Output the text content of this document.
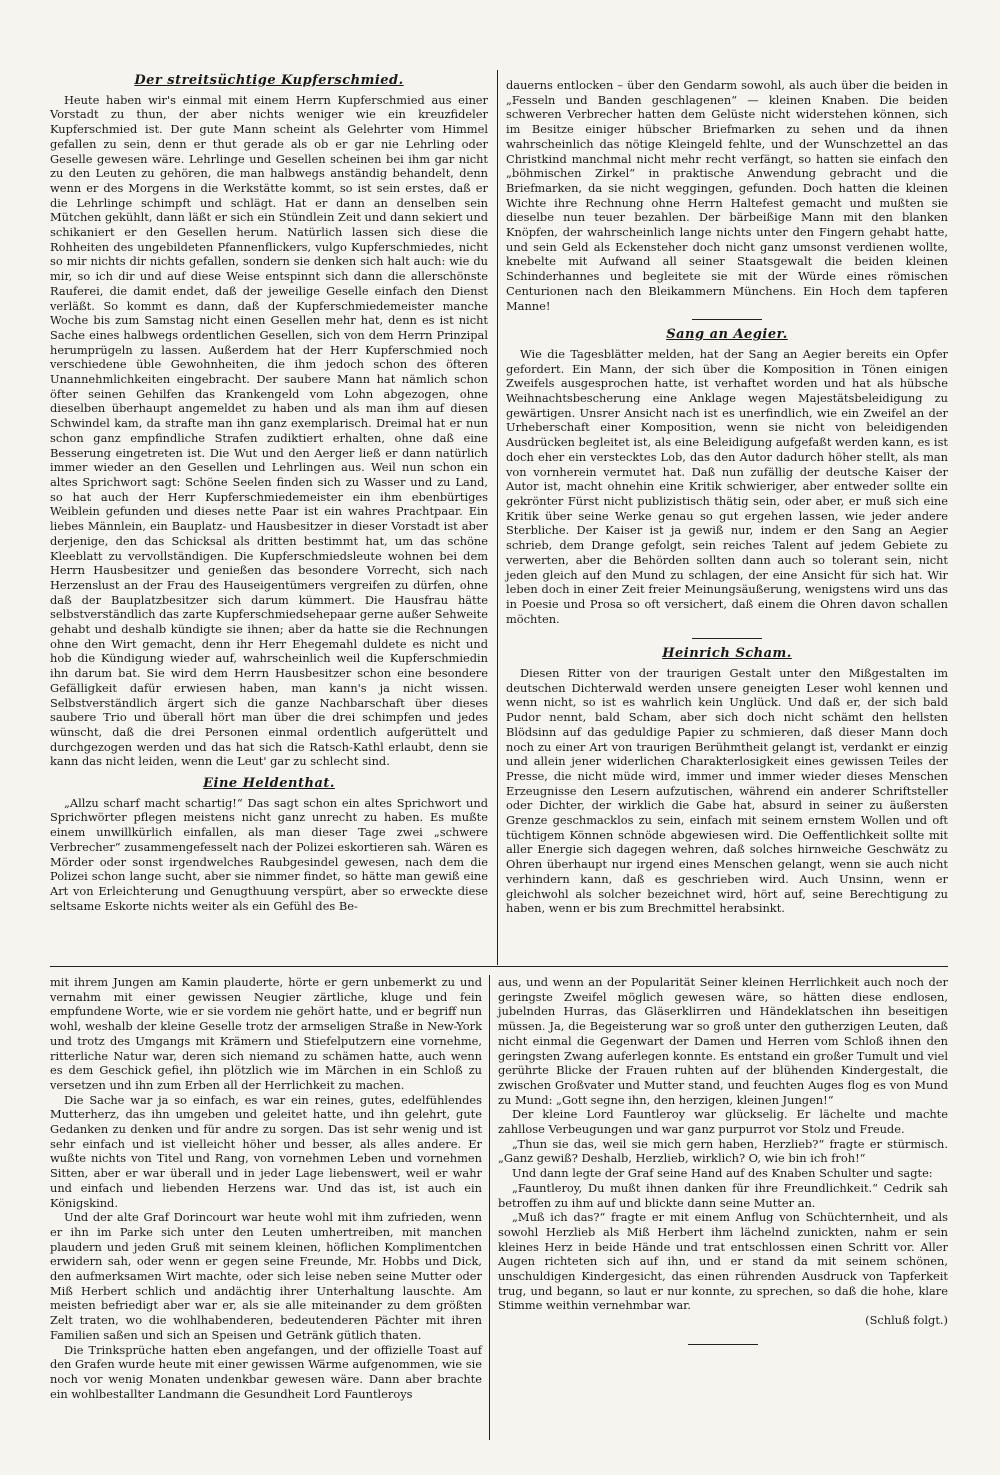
Der streitsüchtige Kupferschmied.

Heute haben wir's einmal mit einem Herrn Kupferschmied aus einer Vorstadt zu thun, der aber nichts weniger wie ein kreuzfideler Kupferschmied ist. Der gute Mann scheint als Gelehrter vom Himmel gefallen zu sein, denn er thut gerade als ob er gar nie Lehrling oder Geselle gewesen wäre. Lehrlinge und Gesellen scheinen bei ihm gar nicht zu den Leuten zu gehören, die man halbwegs anständig behandelt, denn wenn er des Morgens in die Werkstätte kommt, so ist sein erstes, daß er die Lehrlinge schimpft und schlägt. Hat er dann an denselben sein Mütchen gekühlt, dann läßt er sich ein Stündlein Zeit und dann sekiert und schikaniert er den Gesellen herum. Natürlich lassen sich diese die Rohheiten des ungebildeten Pfannenflickers, vulgo Kupferschmiedes, nicht so mir nichts dir nichts gefallen, sondern sie denken sich halt auch: wie du mir, so ich dir und auf diese Weise entspinnt sich dann die allerschönste Rauferei, die damit endet, daß der jeweilige Geselle einfach den Dienst verläßt. So kommt es dann, daß der Kupferschmiedemeister manche Woche bis zum Samstag nicht einen Gesellen mehr hat, denn es ist nicht Sache eines halbwegs ordentlichen Gesellen, sich von dem Herrn Prinzipal herumprügeln zu lassen. Außerdem hat der Herr Kupferschmied noch verschiedene üble Gewohnheiten, die ihm jedoch schon des öfteren Unannehmlichkeiten eingebracht. Der saubere Mann hat nämlich schon öfter seinen Gehilfen das Krankengeld vom Lohn abgezogen, ohne dieselben überhaupt angemeldet zu haben und als man ihm auf diesen Schwindel kam, da strafte man ihn ganz exemplarisch. Dreimal hat er nun schon ganz empfindliche Strafen zudiktiert erhalten, ohne daß eine Besserung eingetreten ist. Die Wut und den Aerger ließ er dann natürlich immer wieder an den Gesellen und Lehrlingen aus. Weil nun schon ein altes Sprichwort sagt: Schöne Seelen finden sich zu Wasser und zu Land, so hat auch der Herr Kupferschmiedemeister ein ihm ebenbürtiges Weiblein gefunden und dieses nette Paar ist ein wahres Prachtpaar. Ein liebes Männlein, ein Bauplatz- und Hausbesitzer in dieser Vorstadt ist aber derjenige, den das Schicksal als dritten bestimmt hat, um das schöne Kleeblatt zu vervollständigen. Die Kupferschmiedsleute wohnen bei dem Herrn Hausbesitzer und genießen das besondere Vorrecht, sich nach Herzenslust an der Frau des Hauseigentümers vergreifen zu dürfen, ohne daß der Bauplatzbesitzer sich darum kümmert. Die Hausfrau hätte selbstverständlich das zarte Kupferschmiedsehepaar gerne außer Sehweite gehabt und deshalb kündigte sie ihnen; aber da hatte sie die Rechnungen ohne den Wirt gemacht, denn ihr Herr Ehegemahl duldete es nicht und hob die Kündigung wieder auf, wahrscheinlich weil die Kupferschmiedin ihn darum bat. Sie wird dem Herrn Hausbesitzer schon eine besondere Gefälligkeit dafür erwiesen haben, man kann's ja nicht wissen. Selbstverständlich ärgert sich die ganze Nachbarschaft über dieses saubere Trio und überall hört man über die drei schimpfen und jedes wünscht, daß die drei Personen einmal ordentlich aufgerüttelt und durchgezogen werden und das hat sich die Ratsch-Kathl erlaubt, denn sie kann das nicht leiden, wenn die Leut' gar zu schlecht sind.

Eine Heldenthat.

„Allzu scharf macht schartig!“ Das sagt schon ein altes Sprichwort und Sprichwörter pflegen meistens nicht ganz unrecht zu haben. Es mußte einem unwillkürlich einfallen, als man dieser Tage zwei „schwere Verbrecher“ zusammengefesselt nach der Polizei eskortieren sah. Wären es Mörder oder sonst irgendwelches Raubgesindel gewesen, nach dem die Polizei schon lange sucht, aber sie nimmer findet, so hätte man gewiß eine Art von Erleichterung und Genugthuung verspürt, aber so erweckte diese seltsame Eskorte nichts weiter als ein Gefühl des Be-

dauerns entlocken – über den Gendarm sowohl, als auch über die beiden in „Fesseln und Banden geschlagenen“ — kleinen Knaben. Die beiden schweren Verbrecher hatten dem Gelüste nicht widerstehen können, sich im Besitze einiger hübscher Briefmarken zu sehen und da ihnen wahrscheinlich das nötige Kleingeld fehlte, und der Wunschzettel an das Christkind manchmal nicht mehr recht verfängt, so hatten sie einfach den „böhmischen Zirkel“ in praktische Anwendung gebracht und die Briefmarken, da sie nicht weggingen, gefunden. Doch hatten die kleinen Wichte ihre Rechnung ohne Herrn Haltefest gemacht und mußten sie dieselbe nun teuer bezahlen. Der bärbeißige Mann mit den blanken Knöpfen, der wahrscheinlich lange nichts unter den Fingern gehabt hatte, und sein Geld als Eckensteher doch nicht ganz umsonst verdienen wollte, knebelte mit Aufwand all seiner Staatsgewalt die beiden kleinen Schinderhannes und begleitete sie mit der Würde eines römischen Centurionen nach den Bleikammern Münchens. Ein Hoch dem tapferen Manne!

Sang an Aegier.

Wie die Tagesblätter melden, hat der Sang an Aegier bereits ein Opfer gefordert. Ein Mann, der sich über die Komposition in Tönen einigen Zweifels ausgesprochen hatte, ist verhaftet worden und hat als hübsche Weihnachtsbescherung eine Anklage wegen Majestätsbeleidigung zu gewärtigen. Unsrer Ansicht nach ist es unerfindlich, wie ein Zweifel an der Urheberschaft einer Komposition, wenn sie nicht von beleidigenden Ausdrücken begleitet ist, als eine Beleidigung aufgefaßt werden kann, es ist doch eher ein verstecktes Lob, das den Autor dadurch höher stellt, als man von vornherein vermutet hat. Daß nun zufällig der deutsche Kaiser der Autor ist, macht ohnehin eine Kritik schwieriger, aber entweder sollte ein gekrönter Fürst nicht publizistisch thätig sein, oder aber, er muß sich eine Kritik über seine Werke genau so gut ergehen lassen, wie jeder andere Sterbliche. Der Kaiser ist ja gewiß nur, indem er den Sang an Aegier schrieb, dem Drange gefolgt, sein reiches Talent auf jedem Gebiete zu verwerten, aber die Behörden sollten dann auch so tolerant sein, nicht jeden gleich auf den Mund zu schlagen, der eine Ansicht für sich hat. Wir leben doch in einer Zeit freier Meinungsäußerung, wenigstens wird uns das in Poesie und Prosa so oft versichert, daß einem die Ohren davon schallen möchten.

Heinrich Scham.

Diesen Ritter von der traurigen Gestalt unter den Mißgestalten im deutschen Dichterwald werden unsere geneigten Leser wohl kennen und wenn nicht, so ist es wahrlich kein Unglück. Und daß er, der sich bald Pudor nennt, bald Scham, aber sich doch nicht schämt den hellsten Blödsinn auf das geduldige Papier zu schmieren, daß dieser Mann doch noch zu einer Art von traurigen Berühmtheit gelangt ist, verdankt er einzig und allein jener widerlichen Charakterlosigkeit eines gewissen Teiles der Presse, die nicht müde wird, immer und immer wieder dieses Menschen Erzeugnisse den Lesern aufzutischen, während ein anderer Schriftsteller oder Dichter, der wirklich die Gabe hat, absurd in seiner zu äußersten Grenze geschmacklos zu sein, einfach mit seinem ernstem Wollen und oft tüchtigem Können schnöde abgewiesen wird. Die Oeffentlichkeit sollte mit aller Energie sich dagegen wehren, daß solches hirnweiche Geschwätz zu Ohren überhaupt nur irgend eines Menschen gelangt, wenn sie auch nicht verhindern kann, daß es geschrieben wird. Auch Unsinn, wenn er gleichwohl als solcher bezeichnet wird, hört auf, seine Berechtigung zu haben, wenn er bis zum Brechmittel herabsinkt.

mit ihrem Jungen am Kamin plauderte, hörte er gern unbemerkt zu und vernahm mit einer gewissen Neugier zärtliche, kluge und fein empfundene Worte, wie er sie vordem nie gehört hatte, und er begriff nun wohl, weshalb der kleine Geselle trotz der armseligen Straße in New-York und trotz des Umgangs mit Krämern und Stiefelputzern eine vornehme, ritterliche Natur war, deren sich niemand zu schämen hatte, auch wenn es dem Geschick gefiel, ihn plötzlich wie im Märchen in ein Schloß zu versetzen und ihn zum Erben all der Herrlichkeit zu machen.

Die Sache war ja so einfach, es war ein reines, gutes, edelfühlendes Mutterherz, das ihn umgeben und geleitet hatte, und ihn gelehrt, gute Gedanken zu denken und für andre zu sorgen. Das ist sehr wenig und ist sehr einfach und ist vielleicht höher und besser, als alles andere. Er wußte nichts von Titel und Rang, von vornehmen Leben und vornehmen Sitten, aber er war überall und in jeder Lage liebenswert, weil er wahr und einfach und liebenden Herzens war. Und das ist, ist auch ein Königskind.

Und der alte Graf Dorincourt war heute wohl mit ihm zufrieden, wenn er ihn im Parke sich unter den Leuten umhertreiben, mit manchen plaudern und jeden Gruß mit seinem kleinen, höflichen Komplimentchen erwidern sah, oder wenn er gegen seine Freunde, Mr. Hobbs und Dick, den aufmerksamen Wirt machte, oder sich leise neben seine Mutter oder Miß Herbert schlich und andächtig ihrer Unterhaltung lauschte. Am meisten befriedigt aber war er, als sie alle miteinander zu dem größten Zelt traten, wo die wohlhabenderen, bedeutenderen Pächter mit ihren Familien saßen und sich an Speisen und Getränk gütlich thaten.

Die Trinksprüche hatten eben angefangen, und der offizielle Toast auf den Grafen wurde heute mit einer gewissen Wärme aufgenommen, wie sie noch vor wenig Monaten undenkbar gewesen wäre. Dann aber brachte ein wohlbestallter Landmann die Gesundheit Lord Fauntleroys

aus, und wenn an der Popularität Seiner kleinen Herrlichkeit auch noch der geringste Zweifel möglich gewesen wäre, so hätten diese endlosen, jubelnden Hurras, das Gläserklirren und Händeklatschen ihn beseitigen müssen. Ja, die Begeisterung war so groß unter den gutherzigen Leuten, daß nicht einmal die Gegenwart der Damen und Herren vom Schloß ihnen den geringsten Zwang auferlegen konnte. Es entstand ein großer Tumult und viel gerührte Blicke der Frauen ruhten auf der blühenden Kindergestalt, die zwischen Großvater und Mutter stand, und feuchten Auges flog es von Mund zu Mund: „Gott segne ihn, den herzigen, kleinen Jungen!“

Der kleine Lord Fauntleroy war glückselig. Er lächelte und machte zahllose Verbeugungen und war ganz purpurrot vor Stolz und Freude.

„Thun sie das, weil sie mich gern haben, Herzlieb?“ fragte er stürmisch. „Ganz gewiß? Deshalb, Herzlieb, wirklich? O, wie bin ich froh!“

Und dann legte der Graf seine Hand auf des Knaben Schulter und sagte:

„Fauntleroy, Du mußt ihnen danken für ihre Freundlichkeit.“ Cedrik sah betroffen zu ihm auf und blickte dann seine Mutter an.

„Muß ich das?“ fragte er mit einem Anflug von Schüchternheit, und als sowohl Herzlieb als Miß Herbert ihm lächelnd zunickten, nahm er sein kleines Herz in beide Hände und trat entschlossen einen Schritt vor. Aller Augen richteten sich auf ihn, und er stand da mit seinem schönen, unschuldigen Kindergesicht, das einen rührenden Ausdruck von Tapferkeit trug, und begann, so laut er nur konnte, zu sprechen, so daß die hohe, klare Stimme weithin vernehmbar war.

(Schluß folgt.)
